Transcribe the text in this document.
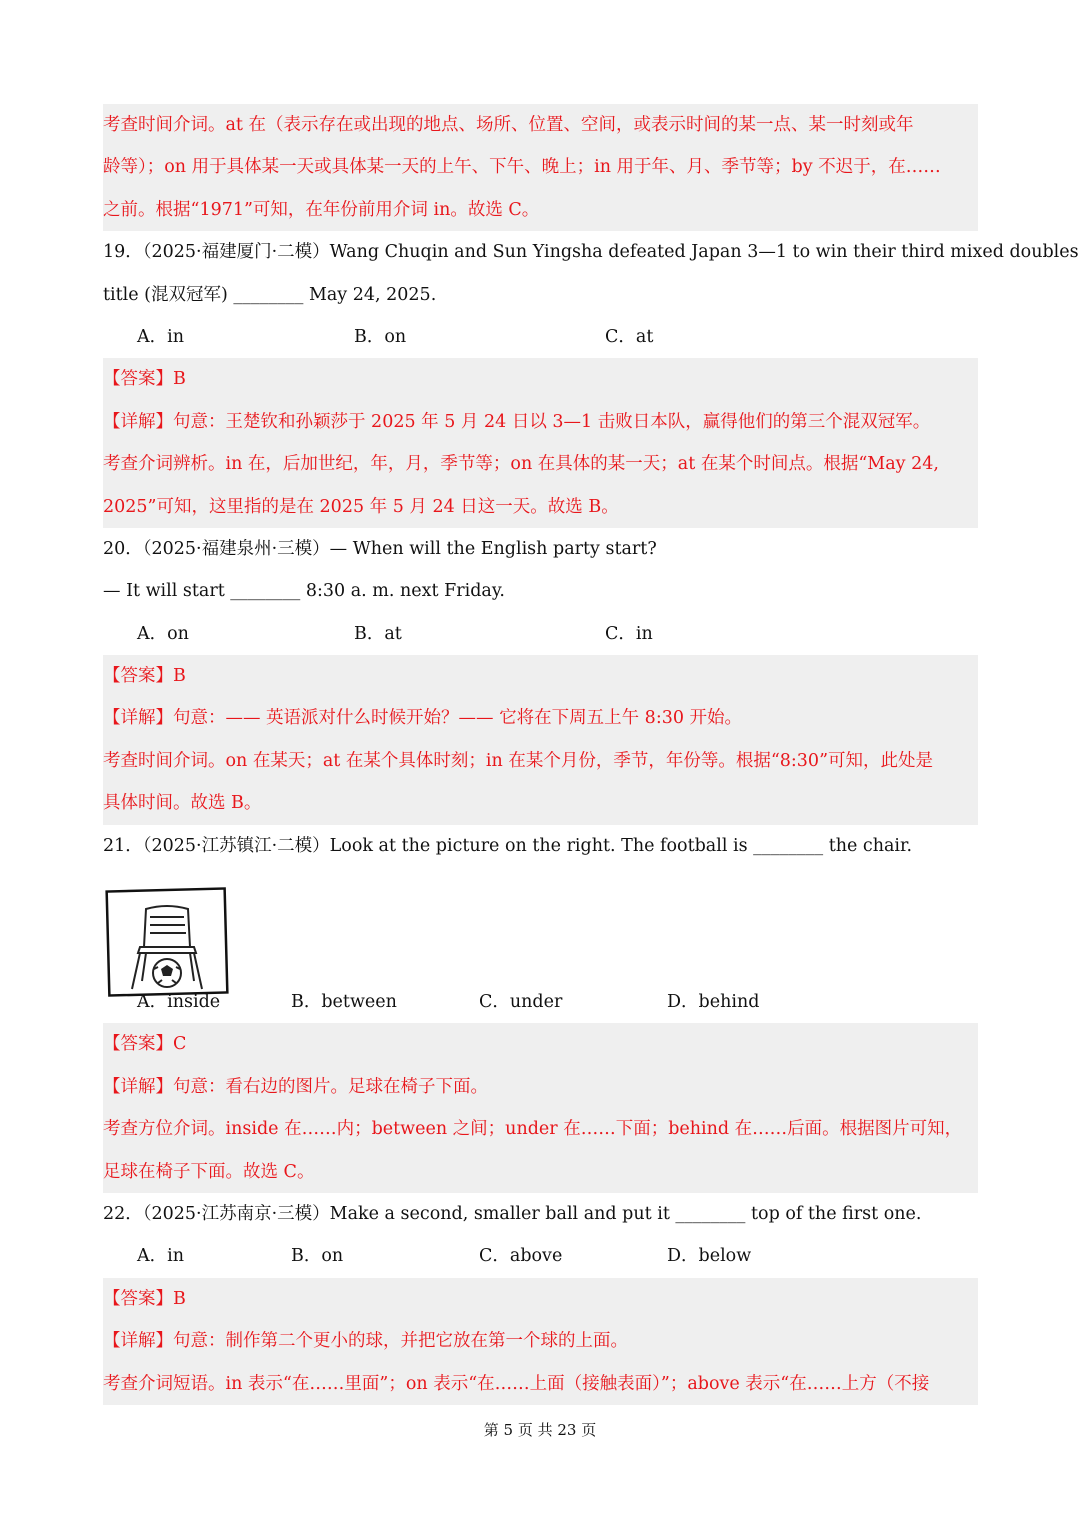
考查时间介词。at 在（表示存在或出现的地点、场所、位置、空间，或表示时间的某一点、某一时刻或年
龄等）；on 用于具体某一天或具体某一天的上午、下午、晚上；in 用于年、月、季节等；by 不迟于，在……
之前。根据“1971”可知，在年份前用介词 in。故选 C。
19．（2025·福建厦门·二模）Wang Chuqin and Sun Yingsha defeated Japan 3—1 to win their third mixed doubles
title (混双冠军) ________ May 24, 2025.
A．in	B．on	C．at
【答案】B
【详解】句意：王楚钦和孙颖莎于 2025 年 5 月 24 日以 3—1 击败日本队，赢得他们的第三个混双冠军。
考查介词辨析。in 在，后加世纪，年，月，季节等；on 在具体的某一天；at 在某个时间点。根据“May 24,
2025”可知，这里指的是在 2025 年 5 月 24 日这一天。故选 B。
20．（2025·福建泉州·三模）— When will the English party start?
— It will start ________ 8:30 a. m. next Friday.
A．on	B．at	C．in
【答案】B
【详解】句意：—— 英语派对什么时候开始？—— 它将在下周五上午 8:30 开始。
考查时间介词。on 在某天；at 在某个具体时刻；in 在某个月份，季节，年份等。根据“8:30”可知，此处是
具体时间。故选 B。
21．（2025·江苏镇江·二模）Look at the picture on the right. The football is ________ the chair.
A．inside	B．between	C．under	D．behind
【答案】C
【详解】句意：看右边的图片。足球在椅子下面。
考查方位介词。inside 在……内；between 之间；under 在……下面；behind 在……后面。根据图片可知，
足球在椅子下面。故选 C。
22．（2025·江苏南京·三模）Make a second, smaller ball and put it ________ top of the first one.
A．in	B．on	C．above	D．below
【答案】B
【详解】句意：制作第二个更小的球，并把它放在第一个球的上面。
考查介词短语。in 表示“在……里面”；on 表示“在……上面（接触表面）”；above 表示“在……上方（不接
第 5 页 共 23 页
